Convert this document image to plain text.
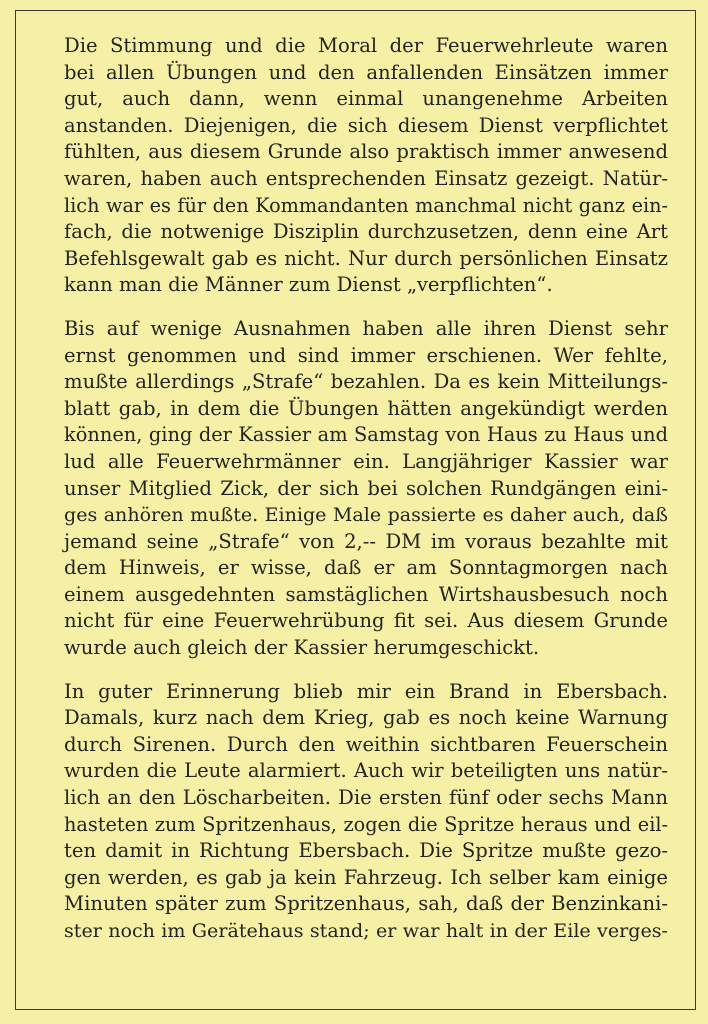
Die Stimmung und die Moral der Feuerwehrleute waren
bei allen Übungen und den anfallenden Einsätzen immer
gut, auch dann, wenn einmal unangenehme Arbeiten
anstanden. Diejenigen, die sich diesem Dienst verpflichtet
fühlten, aus diesem Grunde also praktisch immer anwesend
waren, haben auch entsprechenden Einsatz gezeigt. Natür-
lich war es für den Kommandanten manchmal nicht ganz ein-
fach, die notwenige Disziplin durchzusetzen, denn eine Art
Befehlsgewalt gab es nicht. Nur durch persönlichen Einsatz
kann man die Männer zum Dienst „verpflichten“.
Bis auf wenige Ausnahmen haben alle ihren Dienst sehr
ernst genommen und sind immer erschienen. Wer fehlte,
mußte allerdings „Strafe“ bezahlen. Da es kein Mitteilungs-
blatt gab, in dem die Übungen hätten angekündigt werden
können, ging der Kassier am Samstag von Haus zu Haus und
lud alle Feuerwehrmänner ein. Langjähriger Kassier war
unser Mitglied Zick, der sich bei solchen Rundgängen eini-
ges anhören mußte. Einige Male passierte es daher auch, daß
jemand seine „Strafe“ von 2,-- DM im voraus bezahlte mit
dem Hinweis, er wisse, daß er am Sonntagmorgen nach
einem ausgedehnten samstäglichen Wirtshausbesuch noch
nicht für eine Feuerwehrübung fit sei. Aus diesem Grunde
wurde auch gleich der Kassier herumgeschickt.
In guter Erinnerung blieb mir ein Brand in Ebersbach.
Damals, kurz nach dem Krieg, gab es noch keine Warnung
durch Sirenen. Durch den weithin sichtbaren Feuerschein
wurden die Leute alarmiert. Auch wir beteiligten uns natür-
lich an den Löscharbeiten. Die ersten fünf oder sechs Mann
hasteten zum Spritzenhaus, zogen die Spritze heraus und eil-
ten damit in Richtung Ebersbach. Die Spritze mußte gezo-
gen werden, es gab ja kein Fahrzeug. Ich selber kam einige
Minuten später zum Spritzenhaus, sah, daß der Benzinkani-
ster noch im Gerätehaus stand; er war halt in der Eile verges-
